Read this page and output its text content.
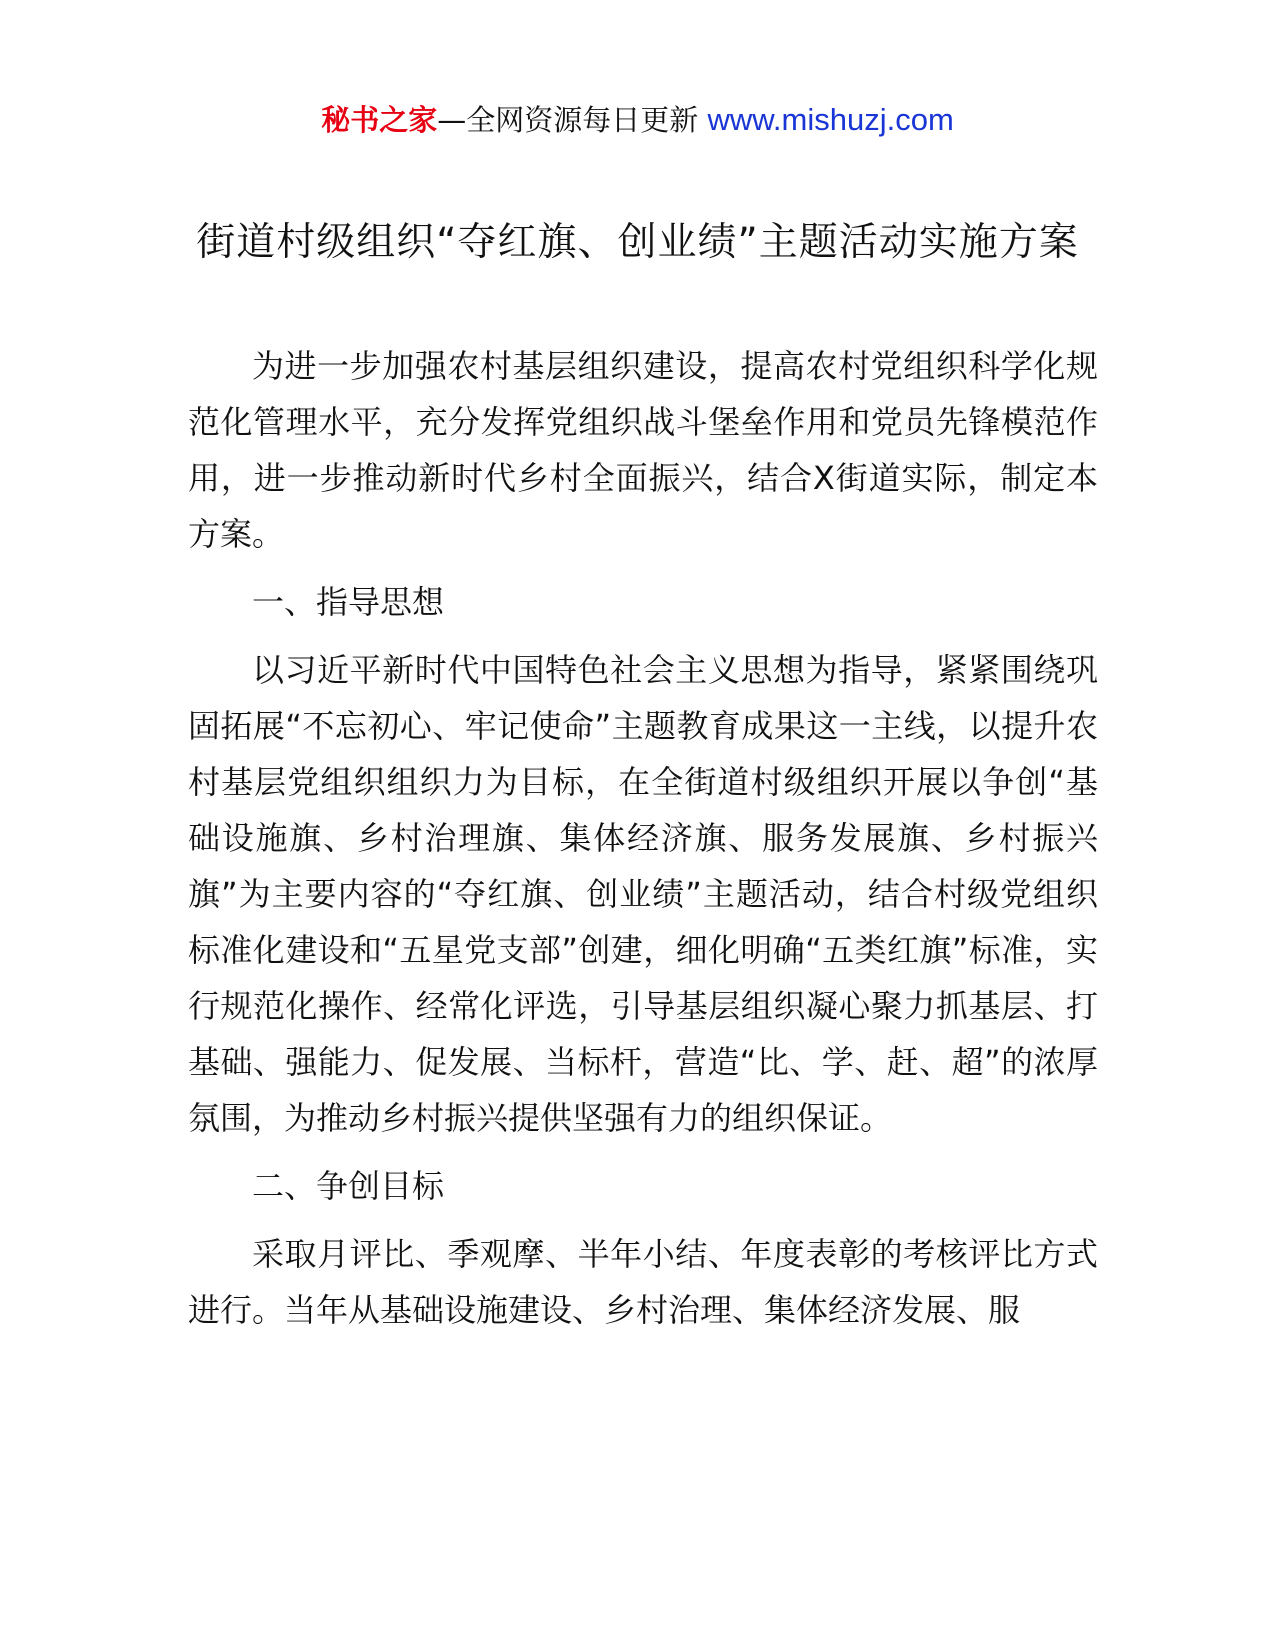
秘书之家—全网资源每日更新 www.mishuzj.com
街道村级组织“夺红旗、创业绩”主题活动实施方案

为进一步加强农村基层组织建设，提高农村党组织科学化规范化管理水平，充分发挥党组织战斗堡垒作用和党员先锋模范作用，进一步推动新时代乡村全面振兴，结合X街道实际，制定本方案。

一、指导思想

以习近平新时代中国特色社会主义思想为指导，紧紧围绕巩固拓展“不忘初心、牢记使命”主题教育成果这一主线，以提升农村基层党组织组织力为目标，在全街道村级组织开展以争创“基础设施旗、乡村治理旗、集体经济旗、服务发展旗、乡村振兴旗”为主要内容的“夺红旗、创业绩”主题活动，结合村级党组织标准化建设和“五星党支部”创建，细化明确“五类红旗”标准，实行规范化操作、经常化评选，引导基层组织凝心聚力抓基层、打基础、强能力、促发展、当标杆，营造“比、学、赶、超”的浓厚氛围，为推动乡村振兴提供坚强有力的组织保证。

二、争创目标

采取月评比、季观摩、半年小结、年度表彰的考核评比方式进行。当年从基础设施建设、乡村治理、集体经济发展、服
